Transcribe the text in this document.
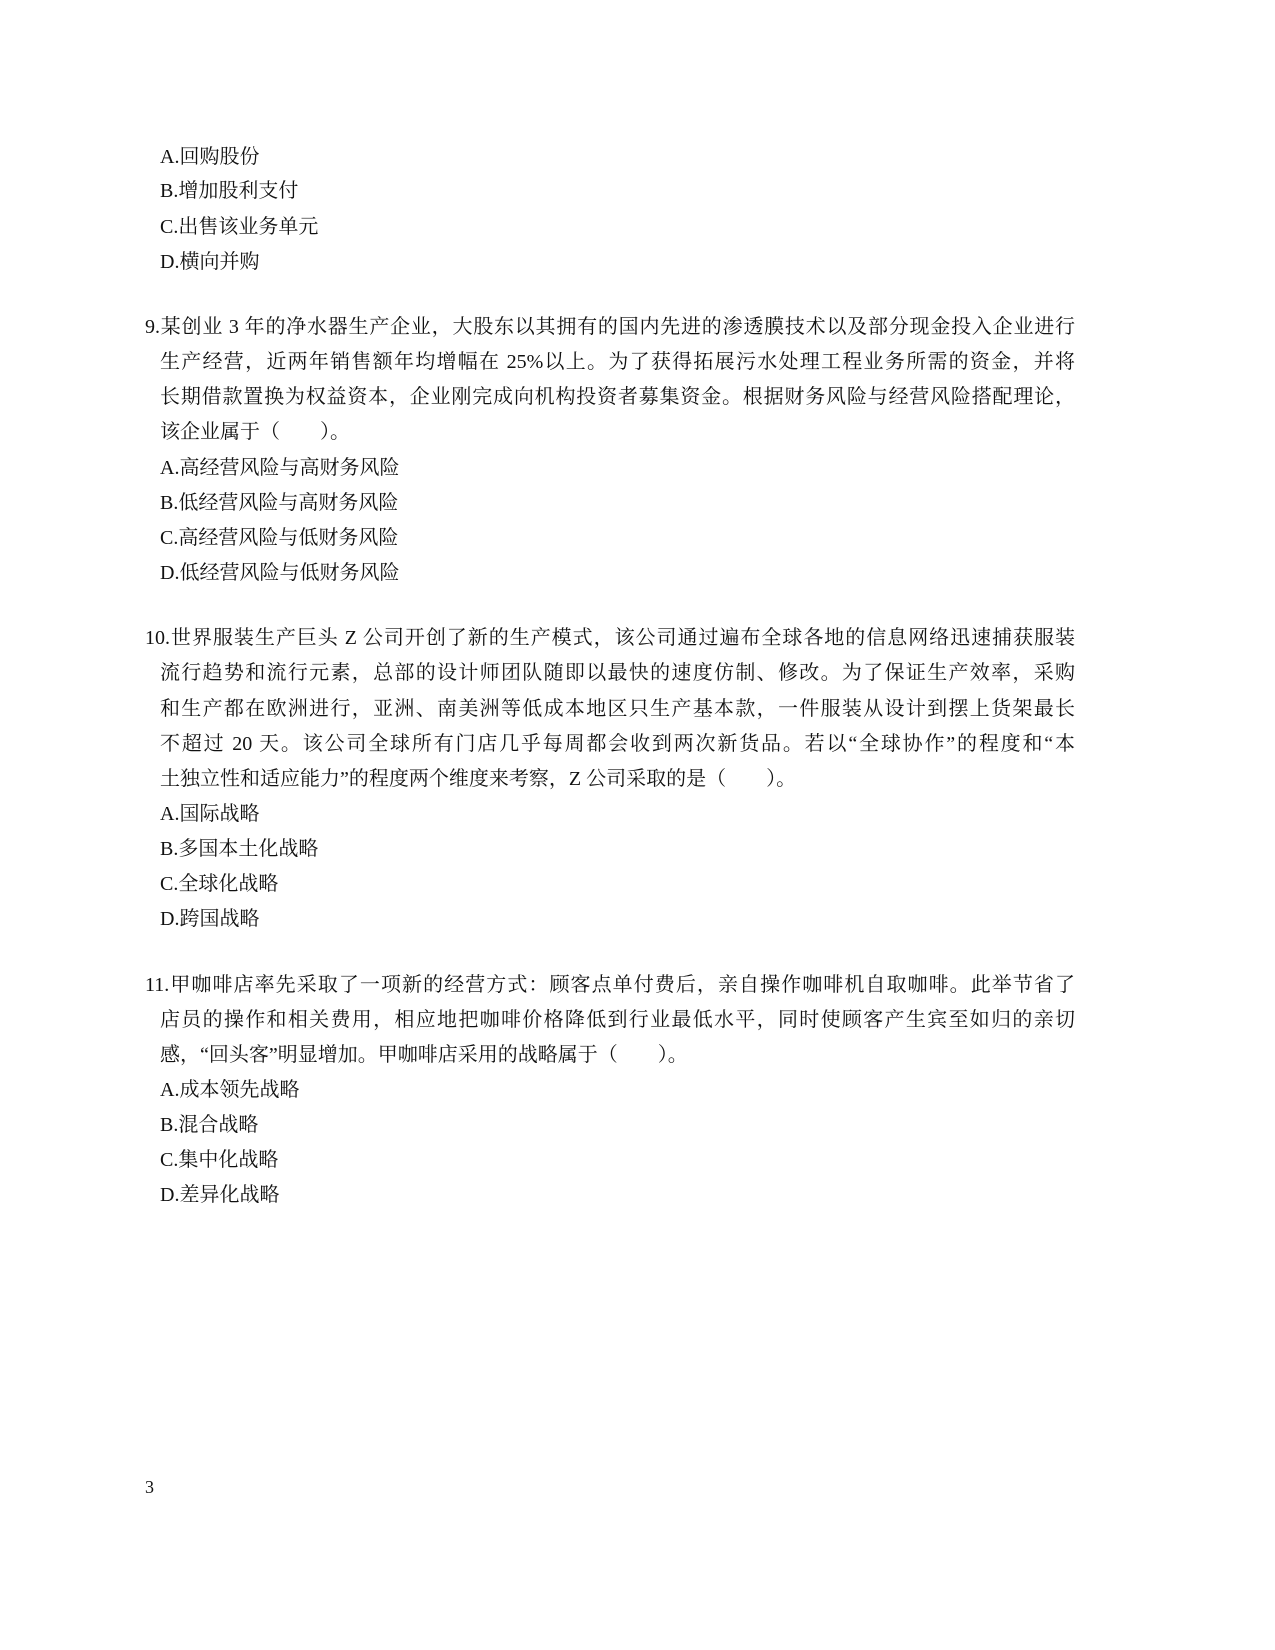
A.回购股份
B.增加股利支付
C.出售该业务单元
D.横向并购
9.某创业 3 年的净水器生产企业，大股东以其拥有的国内先进的渗透膜技术以及部分现金投入企业进行
生产经营，近两年销售额年均增幅在 25%以上。为了获得拓展污水处理工程业务所需的资金，并将
长期借款置换为权益资本，企业刚完成向机构投资者募集资金。根据财务风险与经营风险搭配理论，
该企业属于（　　）。
A.高经营风险与高财务风险
B.低经营风险与高财务风险
C.高经营风险与低财务风险
D.低经营风险与低财务风险
10.世界服装生产巨头 Z 公司开创了新的生产模式，该公司通过遍布全球各地的信息网络迅速捕获服装
流行趋势和流行元素，总部的设计师团队随即以最快的速度仿制、修改。为了保证生产效率，采购
和生产都在欧洲进行，亚洲、南美洲等低成本地区只生产基本款，一件服装从设计到摆上货架最长
不超过 20 天。该公司全球所有门店几乎每周都会收到两次新货品。若以“全球协作”的程度和“本
土独立性和适应能力”的程度两个维度来考察，Z 公司采取的是（　　）。
A.国际战略
B.多国本土化战略
C.全球化战略
D.跨国战略
11.甲咖啡店率先采取了一项新的经营方式：顾客点单付费后，亲自操作咖啡机自取咖啡。此举节省了
店员的操作和相关费用，相应地把咖啡价格降低到行业最低水平，同时使顾客产生宾至如归的亲切
感，“回头客”明显增加。甲咖啡店采用的战略属于（　　）。
A.成本领先战略
B.混合战略
C.集中化战略
D.差异化战略
3
